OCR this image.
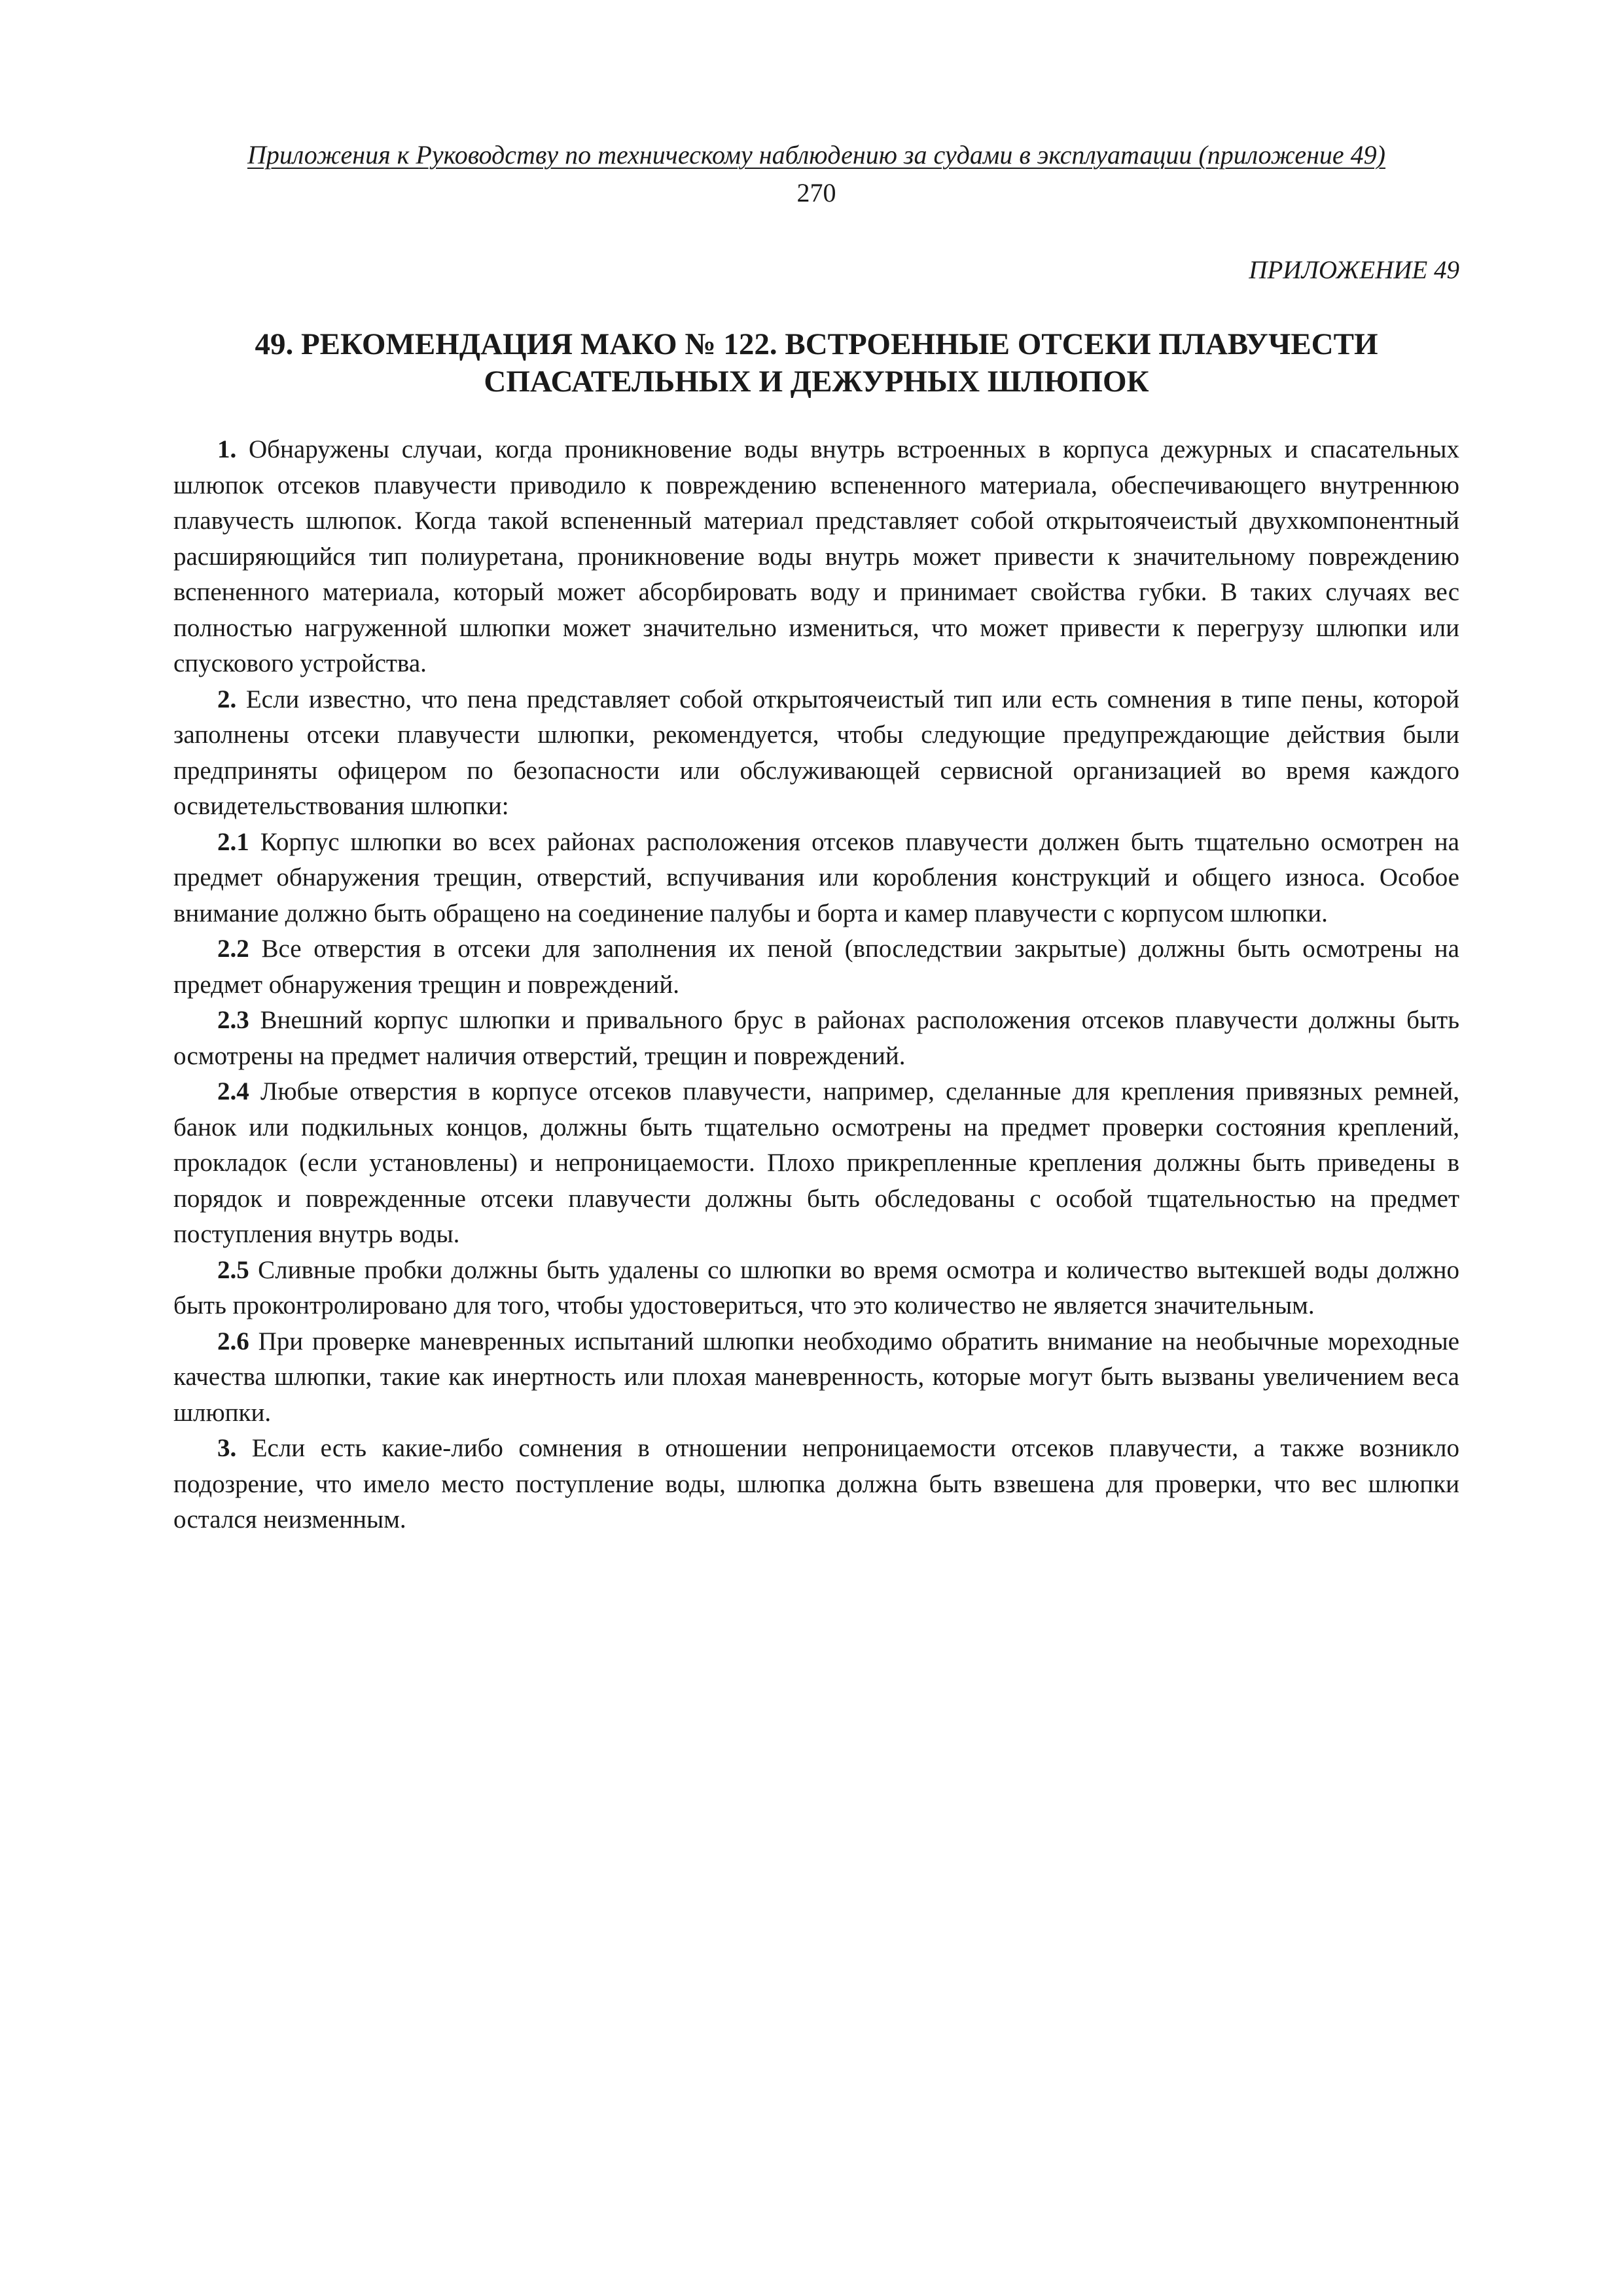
Приложения к Руководству по техническому наблюдению за судами в эксплуатации (приложение 49)
270
ПРИЛОЖЕНИЕ 49
49. РЕКОМЕНДАЦИЯ МАКО № 122. ВСТРОЕННЫЕ ОТСЕКИ ПЛАВУЧЕСТИ
СПАСАТЕЛЬНЫХ И ДЕЖУРНЫХ ШЛЮПОК

1. Обнаружены случаи, когда проникновение воды внутрь встроенных в корпуса дежурных и спасательных шлюпок отсеков плавучести приводило к повреждению вспененного материала, обеспечивающего внутреннюю плавучесть шлюпок. Когда такой вспененный материал представляет собой открытоячеистый двухкомпонентный расширяющийся тип полиуретана, проникновение воды внутрь может привести к значительному повреждению вспененного материала, который может абсорбировать воду и принимает свойства губки. В таких случаях вес полностью нагруженной шлюпки может значительно измениться, что может привести к перегрузу шлюпки или спускового устройства.

2. Если известно, что пена представляет собой открытоячеистый тип или есть сомнения в типе пены, которой заполнены отсеки плавучести шлюпки, рекомендуется, чтобы следующие предупреждающие действия были предприняты офицером по безопасности или обслуживающей сервисной организацией во время каждого освидетельствования шлюпки:

2.1 Корпус шлюпки во всех районах расположения отсеков плавучести должен быть тщательно осмотрен на предмет обнаружения трещин, отверстий, вспучивания или коробления конструкций и общего износа. Особое внимание должно быть обращено на соединение палубы и борта и камер плавучести с корпусом шлюпки.

2.2 Все отверстия в отсеки для заполнения их пеной (впоследствии закрытые) должны быть осмотрены на предмет обнаружения трещин и повреждений.

2.3 Внешний корпус шлюпки и привального брус в районах расположения отсеков плавучести должны быть осмотрены на предмет наличия отверстий, трещин и повреждений.

2.4 Любые отверстия в корпусе отсеков плавучести, например, сделанные для крепления привязных ремней, банок или подкильных концов, должны быть тщательно осмотрены на предмет проверки состояния креплений, прокладок (если установлены) и непроницаемости. Плохо прикрепленные крепления должны быть приведены в порядок и поврежденные отсеки плавучести должны быть обследованы с особой тщательностью на предмет поступления внутрь воды.

2.5 Сливные пробки должны быть удалены со шлюпки во время осмотра и количество вытекшей воды должно быть проконтролировано для того, чтобы удостовериться, что это количество не является значительным.

2.6 При проверке маневренных испытаний шлюпки необходимо обратить внимание на необычные мореходные качества шлюпки, такие как инертность или плохая маневренность, которые могут быть вызваны увеличением веса шлюпки.

3. Если есть какие-либо сомнения в отношении непроницаемости отсеков плавучести, а также возникло подозрение, что имело место поступление воды, шлюпка должна быть взвешена для проверки, что вес шлюпки остался неизменным.
